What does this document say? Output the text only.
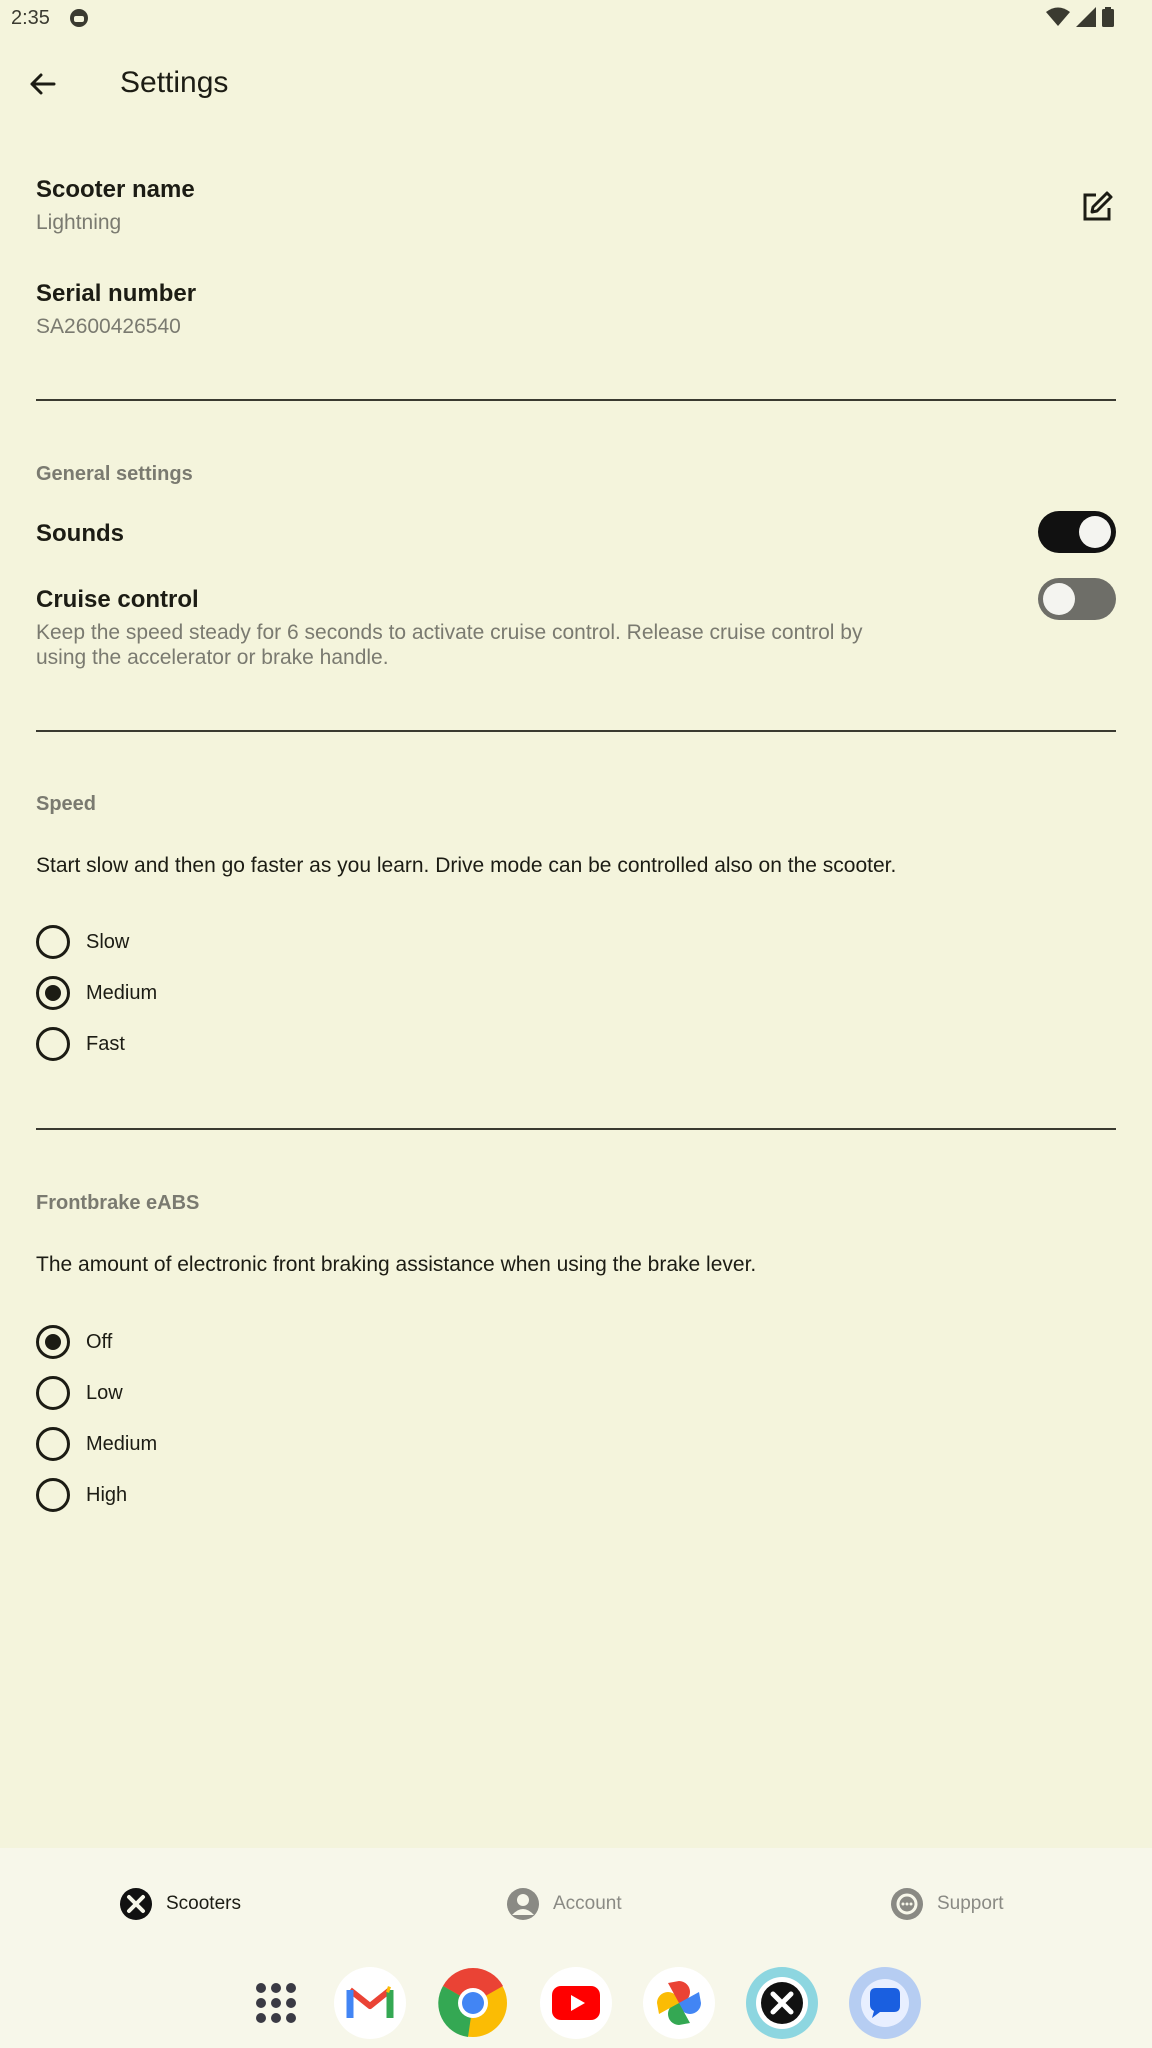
2:35
Settings
Scooter name
Lightning
Serial number
SA2600426540
General settings
Sounds
Cruise control
Keep the speed steady for 6 seconds to activate cruise control. Release cruise control by using the accelerator or brake handle.
Speed
Start slow and then go faster as you learn. Drive mode can be controlled also on the scooter.
Slow
Medium
Fast
Frontbrake eABS
The amount of electronic front braking assistance when using the brake lever.
Off
Low
Medium
High
Scooters	Account	Support
